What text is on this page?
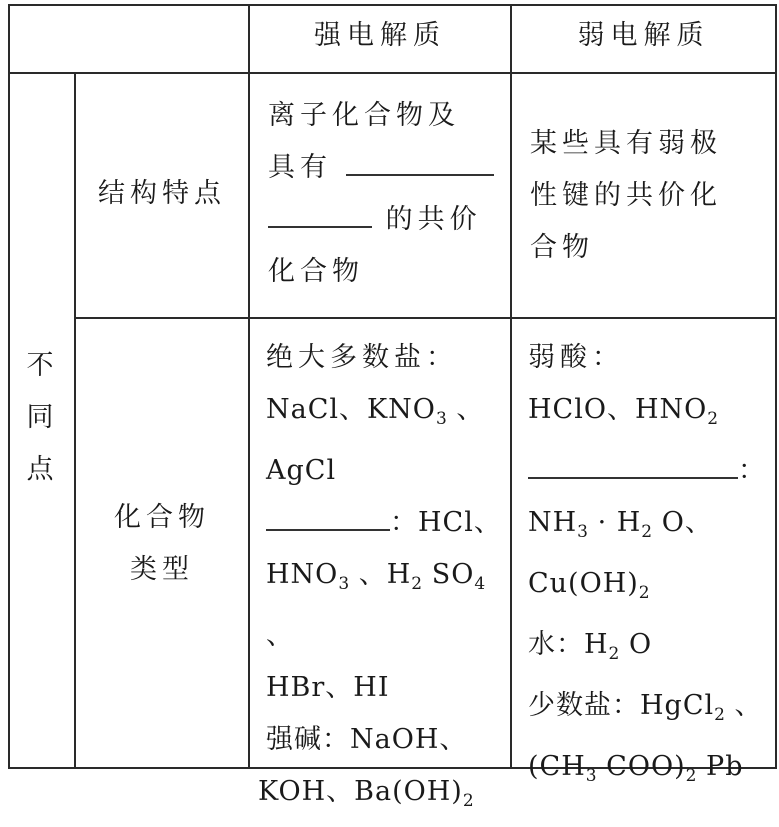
强电解质	弱电解质
不
同
点
结构特点
离子化合物及
具有
的共价
化合物
某些具有弱极
性键的共价化
合物
化合物
类型
绝大多数盐：
NaCl、$KNO_3$ 、
AgCl
：HCl、
$HNO_3$ 、$H_2$ $SO_4$ 、
HBr、HI
强碱：NaOH、
KOH、$Ba(OH)_2$
弱酸：
HClO、$HNO_2$
：
$NH_3 \cdot H_2$ O、
$Cu(OH)_2$
水：$H_2$ O
少数盐：HgCl$_2$ 、
($CH_3$ $COO)_2$ Pb
